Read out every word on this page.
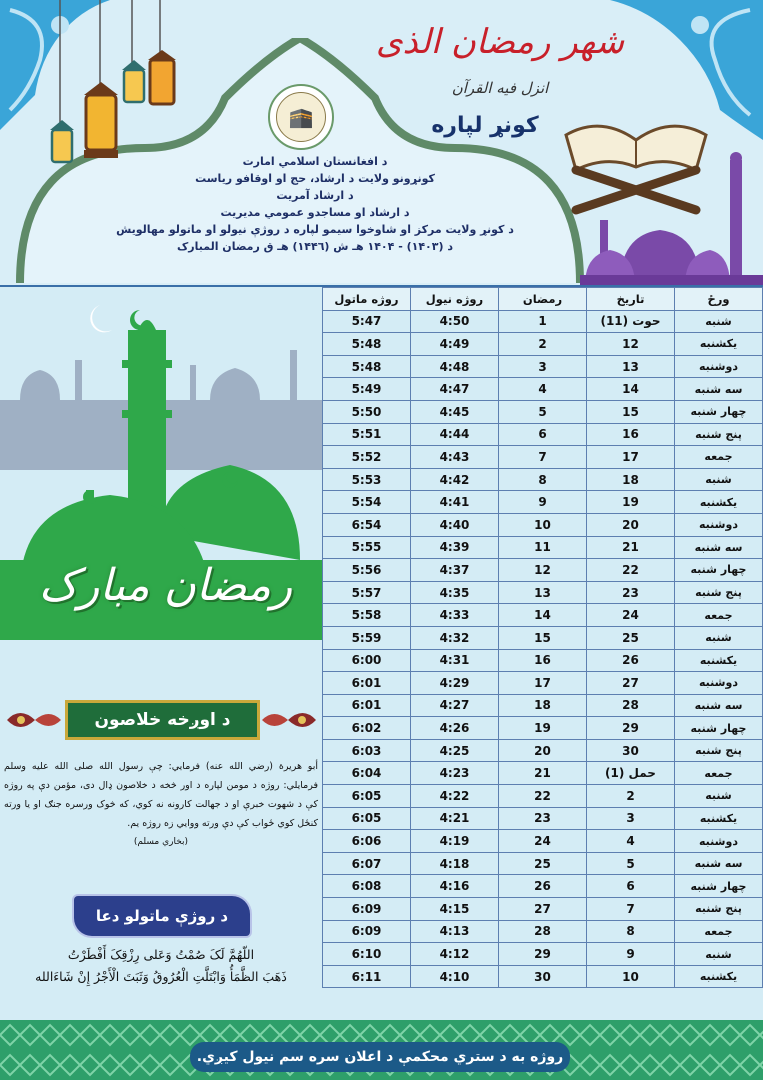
🕋
شهر رمضان الذی انزل فیه القرآن
کونړ لپاره
د افغانستان اسلامي امارت
کونړونو ولایت د ارشاد، حج او اوقافو ریاست
د ارشاد آمریت
د ارشاد او مساجدو عمومي مدیریت
د کونړ ولایت مرکز او شاوخوا سیمو لپاره د روژې نیولو او ماتولو مهالویش
د (۱۴۰۳) - ۱۴۰۴ هـ ش (۱۴۴٦) هـ ق رمضان المبارک
رمضان مبارک
د اوږخه خلاصون
أبو هريرة (رضي الله عنه) فرمايي: چې رسول الله صلى الله عليه وسلم فرمايلي: روژه د مومن لپاره د اور څخه د خلاصون ډال دی، مؤمن دې په روژه کې د شهوت خبرې او د جهالت کارونه نه کوي، که څوک ورسره جنګ او یا ورته کنځل کوي ځواب کې دې ورته ووايي زه روژه يم.
(بخاري مسلم)
د روژې ماتولو دعا
اللّهُمَّ لَکَ صُمْتُ وَعَلی رِزْقِکَ أَفْطَرْتُ
ذَهَبَ الظَّمَأُ وَابْتَلَّتِ الْعُرُوقُ وَثَبَتَ الْأَجْرُ إِنْ شَاءَالله
روژه ماتول	روژه نیول	رمضان	تاریخ	ورځ
5:47	4:50	1	حوت (11)	شنبه
5:48	4:49	2	12	یکشنبه
5:48	4:48	3	13	دوشنبه
5:49	4:47	4	14	سه شنبه
5:50	4:45	5	15	چهار شنبه
5:51	4:44	6	16	پنج شنبه
5:52	4:43	7	17	جمعه
5:53	4:42	8	18	شنبه
5:54	4:41	9	19	یکشنبه
6:54	4:40	10	20	دوشنبه
5:55	4:39	11	21	سه شنبه
5:56	4:37	12	22	چهار شنبه
5:57	4:35	13	23	پنج شنبه
5:58	4:33	14	24	جمعه
5:59	4:32	15	25	شنبه
6:00	4:31	16	26	یکشنبه
6:01	4:29	17	27	دوشنبه
6:01	4:27	18	28	سه شنبه
6:02	4:26	19	29	چهار شنبه
6:03	4:25	20	30	پنج شنبه
6:04	4:23	21	حمل (1)	جمعه
6:05	4:22	22	2	شنبه
6:05	4:21	23	3	یکشنبه
6:06	4:19	24	4	دوشنبه
6:07	4:18	25	5	سه شنبه
6:08	4:16	26	6	چهار شنبه
6:09	4:15	27	7	پنج شنبه
6:09	4:13	28	8	جمعه
6:10	4:12	29	9	شنبه
6:11	4:10	30	10	یکشنبه
روژه به د ستري محکمې د اعلان سره سم نیول کیږي.
